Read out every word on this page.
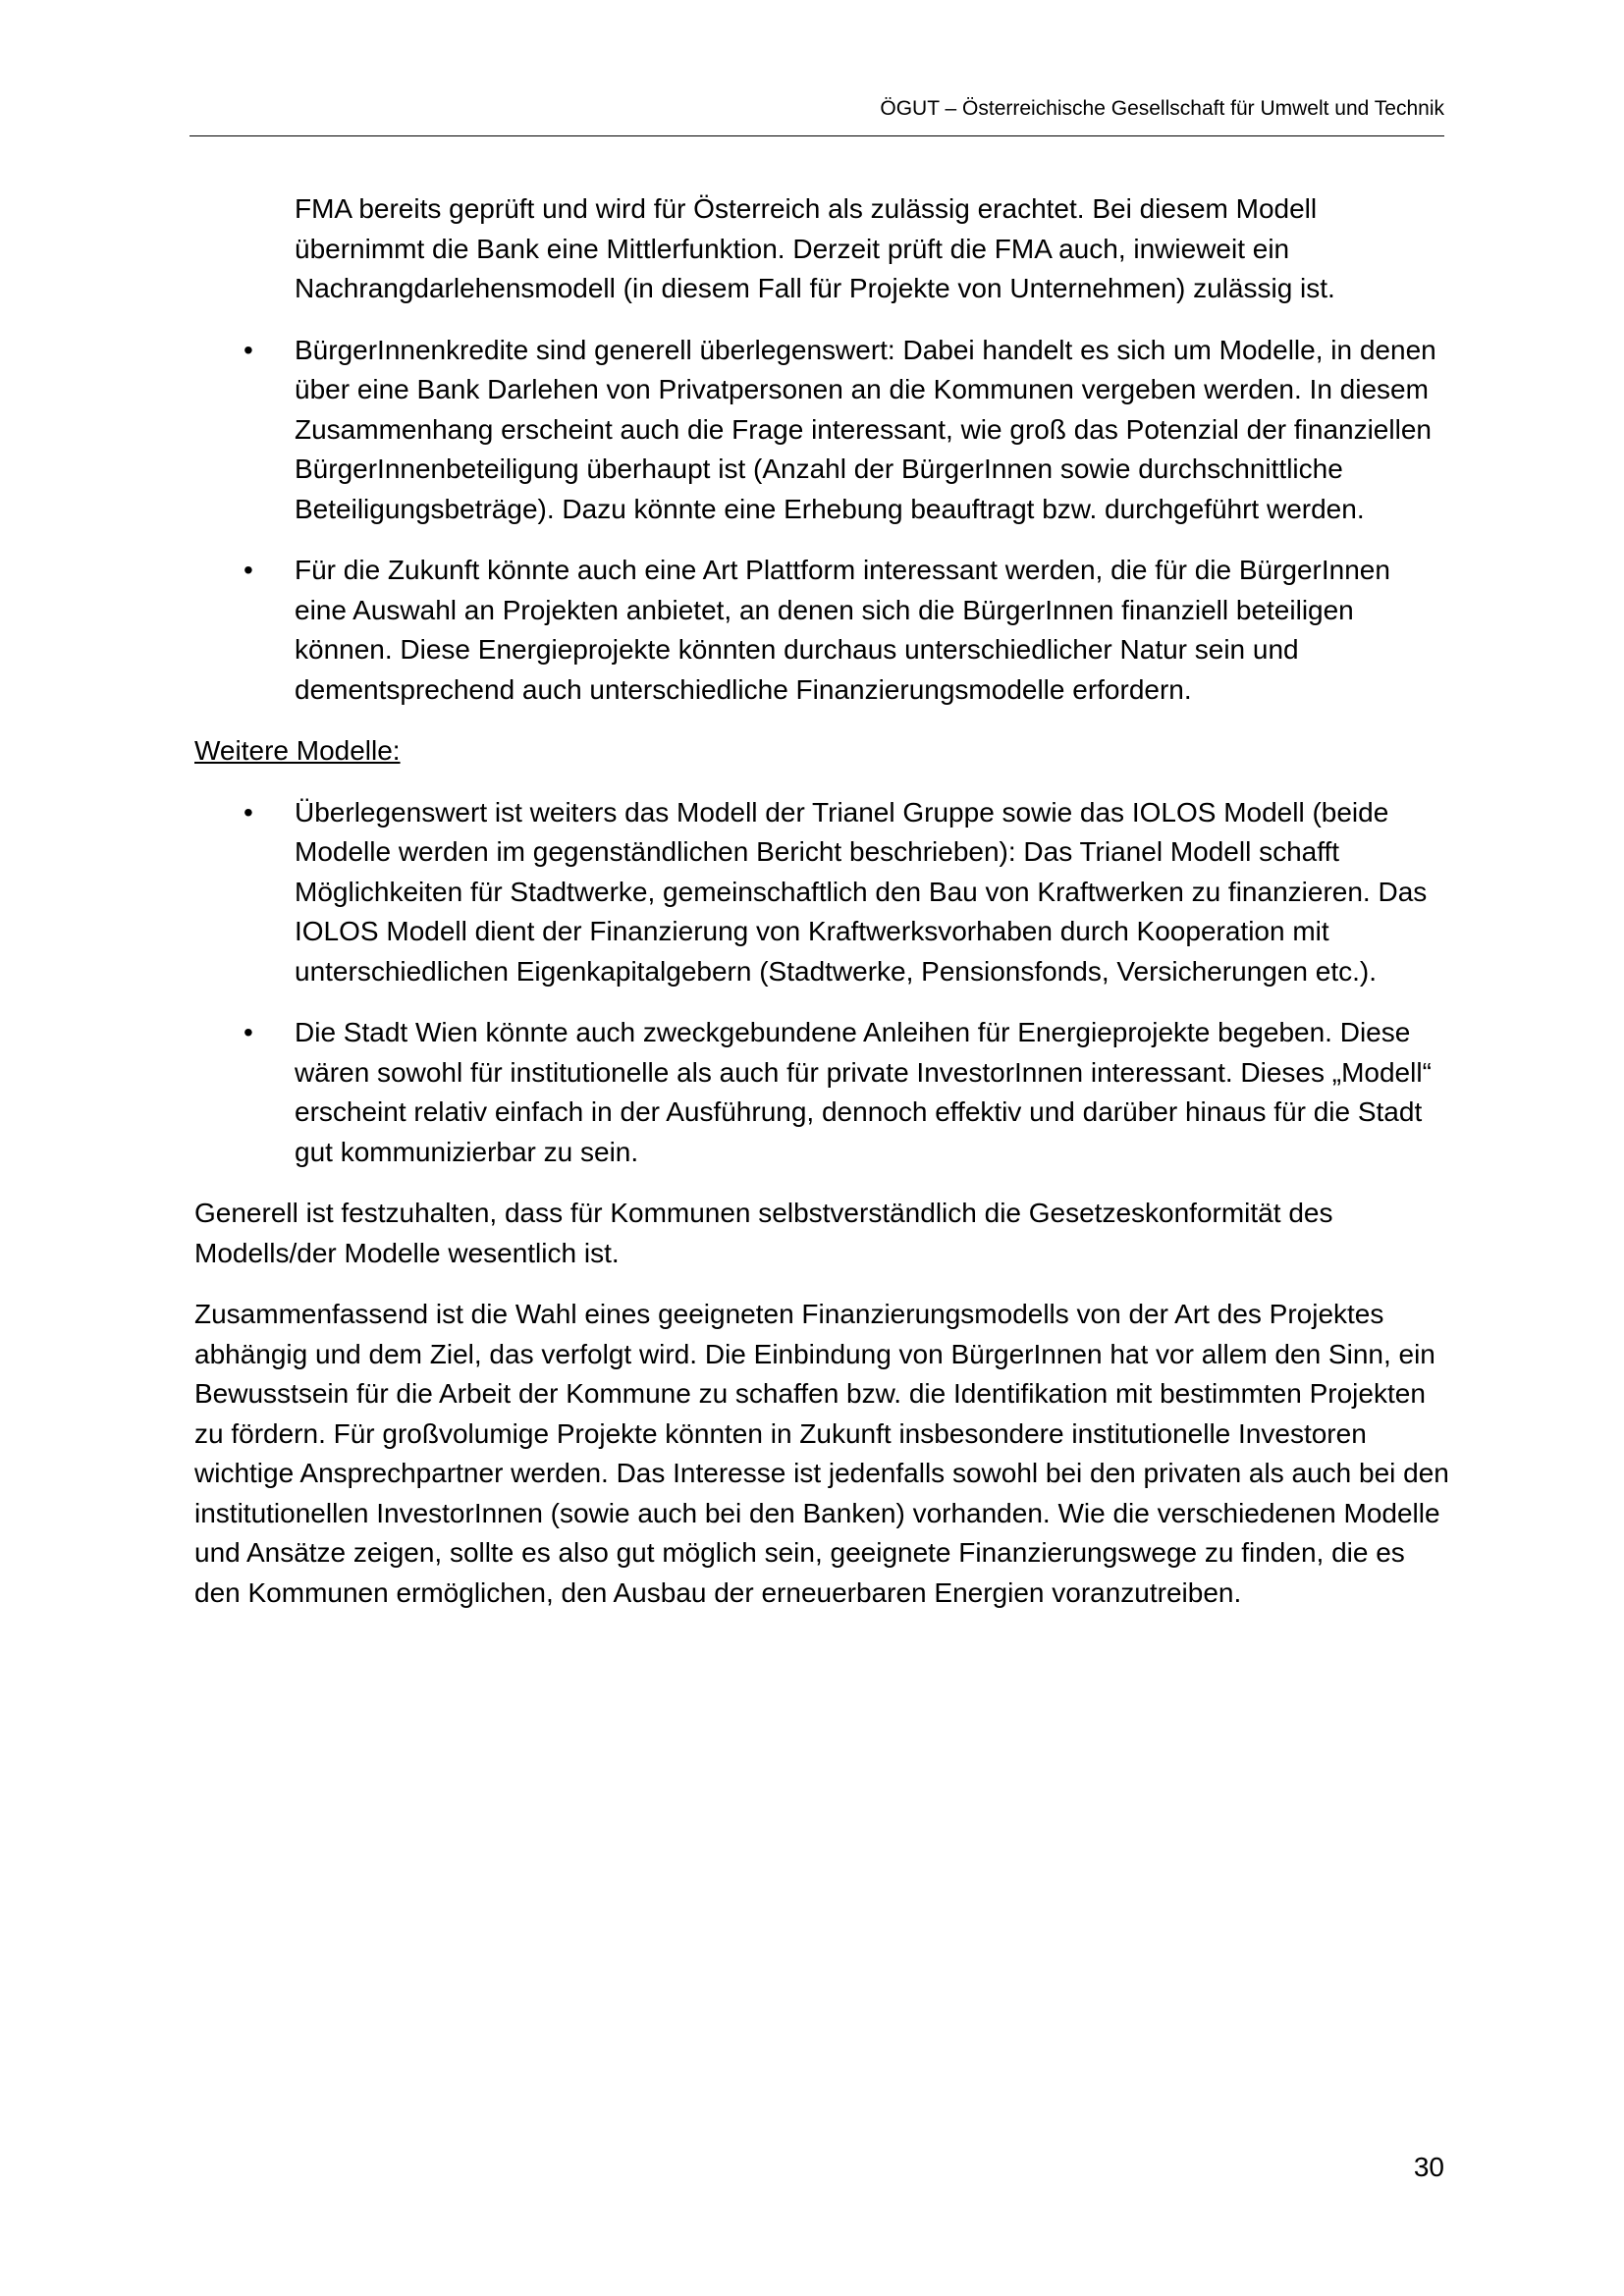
ÖGUT – Österreichische Gesellschaft für Umwelt und Technik

FMA bereits geprüft und wird für Österreich als zulässig erachtet. Bei diesem Modell übernimmt die Bank eine Mittlerfunktion. Derzeit prüft die FMA auch, inwieweit ein Nachrangdarlehensmodell (in diesem Fall für Projekte von Unternehmen) zulässig ist.

• BürgerInnenkredite sind generell überlegenswert: Dabei handelt es sich um Modelle, in denen über eine Bank Darlehen von Privatpersonen an die Kommunen vergeben werden. In diesem Zusammenhang erscheint auch die Frage interessant, wie groß das Potenzial der finanziellen BürgerInnenbeteiligung überhaupt ist (Anzahl der BürgerInnen sowie durchschnittliche Beteiligungsbeträge). Dazu könnte eine Erhebung beauftragt bzw. durchgeführt werden.
• Für die Zukunft könnte auch eine Art Plattform interessant werden, die für die BürgerInnen eine Auswahl an Projekten anbietet, an denen sich die BürgerInnen finanziell beteiligen können. Diese Energieprojekte könnten durchaus unterschiedlicher Natur sein und dementsprechend auch unterschiedliche Finanzierungsmodelle erfordern.

Weitere Modelle:

• Überlegenswert ist weiters das Modell der Trianel Gruppe sowie das IOLOS Modell (beide Modelle werden im gegenständlichen Bericht beschrieben): Das Trianel Modell schafft Möglichkeiten für Stadtwerke, gemeinschaftlich den Bau von Kraftwerken zu finanzieren. Das IOLOS Modell dient der Finanzierung von Kraftwerksvorhaben durch Kooperation mit unterschiedlichen Eigenkapitalgebern (Stadtwerke, Pensionsfonds, Versicherungen etc.).
• Die Stadt Wien könnte auch zweckgebundene Anleihen für Energieprojekte begeben. Diese wären sowohl für institutionelle als auch für private InvestorInnen interessant. Dieses „Modell“ erscheint relativ einfach in der Ausführung, dennoch effektiv und darüber hinaus für die Stadt gut kommunizierbar zu sein.

Generell ist festzuhalten, dass für Kommunen selbstverständlich die Gesetzeskonformität des Modells/der Modelle wesentlich ist.

Zusammenfassend ist die Wahl eines geeigneten Finanzierungsmodells von der Art des Projektes abhängig und dem Ziel, das verfolgt wird. Die Einbindung von BürgerInnen hat vor allem den Sinn, ein Bewusstsein für die Arbeit der Kommune zu schaffen bzw. die Identifikation mit bestimmten Projekten zu fördern. Für großvolumige Projekte könnten in Zukunft insbesondere institutionelle Investoren wichtige Ansprechpartner werden. Das Interesse ist jedenfalls sowohl bei den privaten als auch bei den institutionellen InvestorInnen (sowie auch bei den Banken) vorhanden. Wie die verschiedenen Modelle und Ansätze zeigen, sollte es also gut möglich sein, geeignete Finanzierungswege zu finden, die es den Kommunen ermöglichen, den Ausbau der erneuerbaren Energien voranzutreiben.

30
